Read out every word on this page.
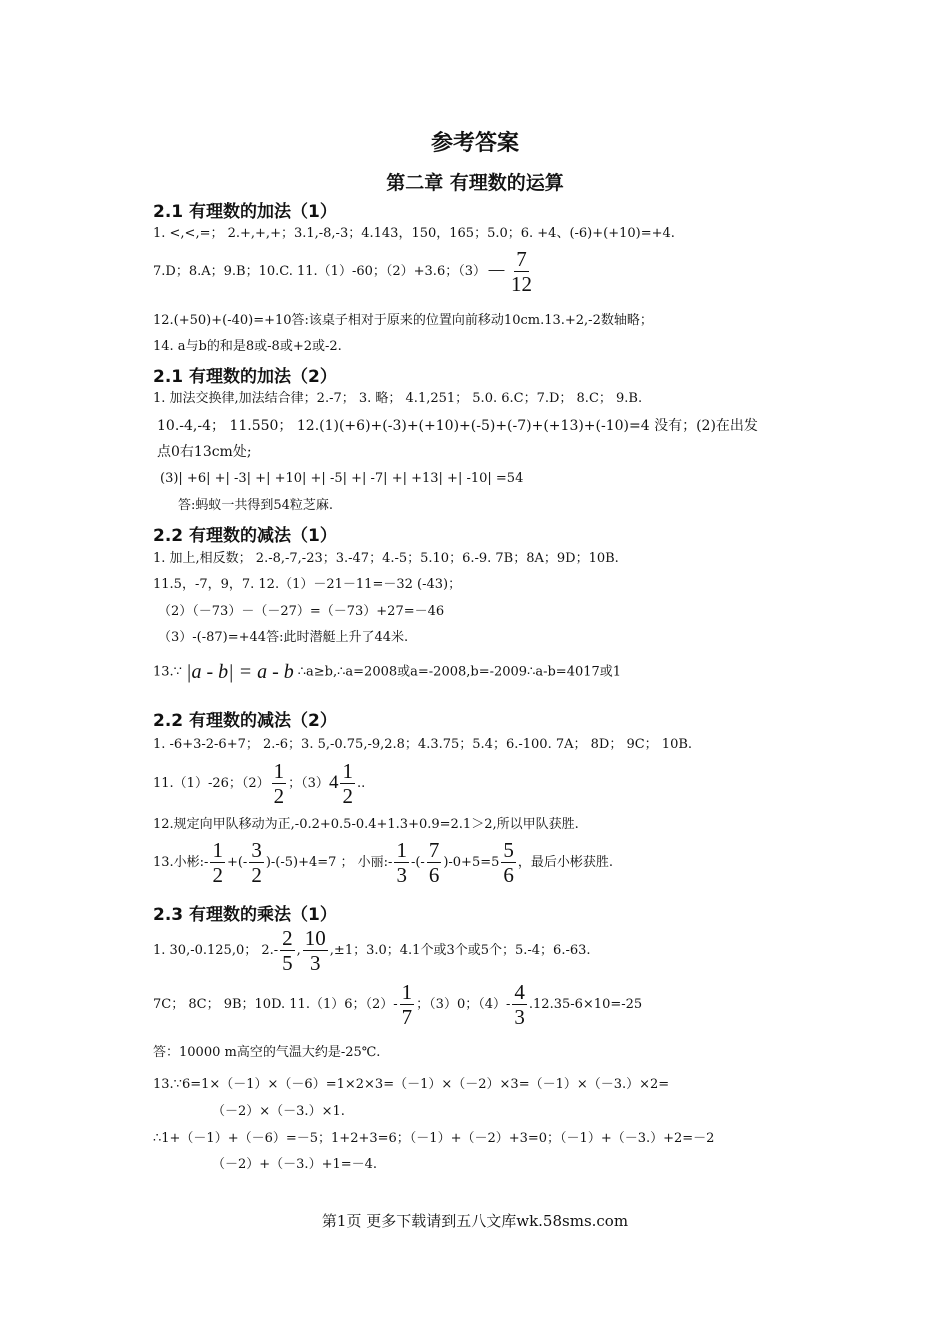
参考答案
第二章 有理数的运算
2.1 有理数的加法（1）
1. <,<,=； 2.+,+,+；3.1,-8,-3；4.143，150，165；5.0；6. +4、(-6)+(+10)=+4.
7.D；8.A；9.B；10.C. 11.（1）-60；（2）+3.6；$(3)- \frac{7}{12}$
12.(+50)+(-40)=+10答:该桌子相对于原来的位置向前移动10cm.13.+2,-2数轴略；
14. a与b的和是8或-8或+2或-2.
2.1 有理数的加法（2）
1. 加法交换律,加法结合律；2.-7； 3. 略； 4.1,251； 5.0. 6.C；7.D； 8.C； 9.B.
10.-4,-4； 11.550； 12.(1)(+6)+(-3)+(+10)+(-5)+(-7)+(+13)+(-10)=4 没有；(2)在出发
点0右13cm处;
(3)| +6| +| -3| +| +10| +| -5| +| -7| +| +13| +| -10| =54
答:蚂蚁一共得到54粒芝麻.
2.2 有理数的减法（1）
1. 加上,相反数； 2.-8,-7,-23；3.-47；4.-5；5.10；6.-9. 7B；8A；9D；10B.
11.5，-7，9，7. 12.（1）－21－11=－32 (-43)；
（2）（－73）－（－27）=（－73）+27=－46
（3）-(-87)=+44答:此时潜艇上升了44米.
13.∵ |a - b| = a - b ∴a≥b,∴a=2008或a=-2008,b=-2009∴a-b=4017或1
2.2 有理数的减法（2）
1. -6+3-2-6+7； 2.-6；3. 5,-0.75,-9,2.8；4.3.75；5.4；6.-100. 7A； 8D； 9C； 10B.
11.（1）-26；$(2) \frac{1}{2}$ ；$(3)4 \frac{1}{2}$ ..
12.规定向甲队移动为正,-0.2+0.5-0.4+1.3+0.9=2.1＞2,所以甲队获胜.
13.小彬:- $\frac{1}{2}$ +(- $\frac{3}{2} )-(-5)+4=7$ ； 小丽:- $\frac{1}{3}$ -(- $\frac{7}{6} )-0+5=5 \frac{5}{6}$ ，最后小彬获胜.
2.3 有理数的乘法（1）
1. 30,-0.125,0； $2.- \frac{2}{5}$ , $\frac{10}{3} ,\pm 1$；3.0；4.1个或3个或5个；5.-4；6.-63.
7C； 8C； 9B；10D. 11.（1）6；$(2)- \frac{1}{7}$ ；（3）0；$(4)- \frac{4}{3} .12.35-6\times 10=-25$
答：10000 m高空的气温大约是-25℃.
13.∵6=1×（－1）×（－6）=1×2×3=（－1）×（－2）×3=（－1）×（－3.）×2=
（－2）×（－3.）×1.
∴1+（－1）+（－6）=－5；1+2+3=6；（－1）+（－2）+3=0；（－1）+（－3.）+2=－2
（－2）+（－3.）+1=－4.
第1页 更多下载请到五八文库wk.58sms.com
